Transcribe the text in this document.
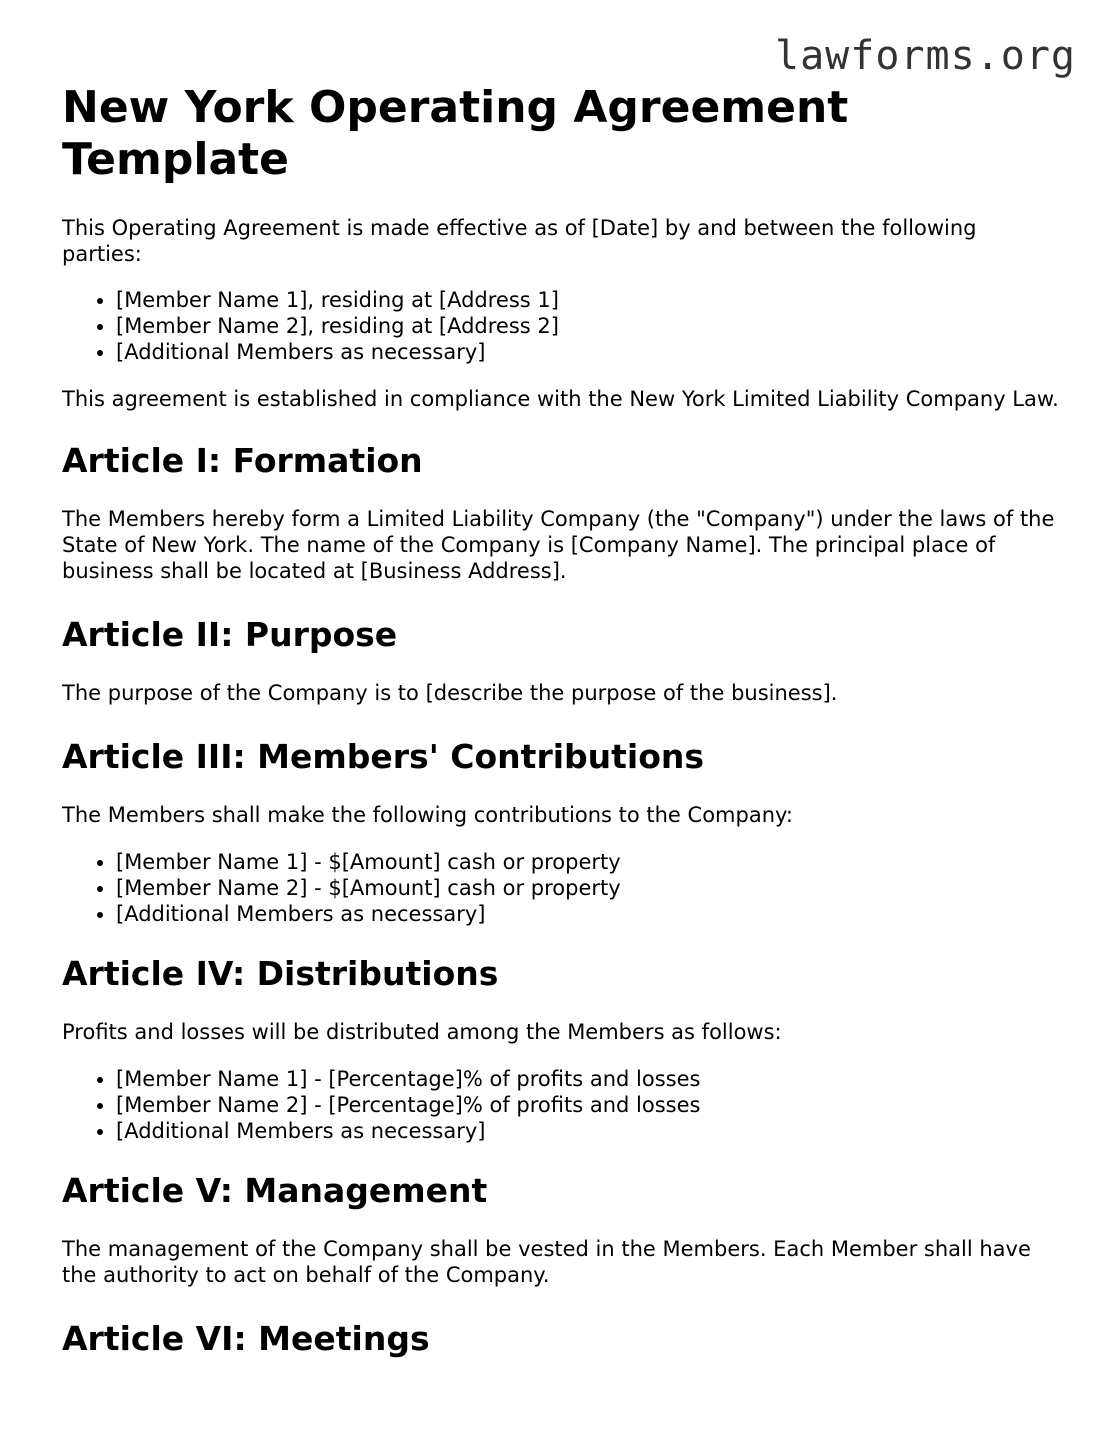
lawforms.org
New York Operating Agreement
Template

This Operating Agreement is made effective as of [Date] by and between the following parties:

• [Member Name 1], residing at [Address 1]
• [Member Name 2], residing at [Address 2]
• [Additional Members as necessary]

This agreement is established in compliance with the New York Limited Liability Company Law.

Article I: Formation

The Members hereby form a Limited Liability Company (the "Company") under the laws of the State of New York. The name of the Company is [Company Name]. The principal place of business shall be located at [Business Address].

Article II: Purpose

The purpose of the Company is to [describe the purpose of the business].

Article III: Members' Contributions

The Members shall make the following contributions to the Company:

• [Member Name 1] - $[Amount] cash or property
• [Member Name 2] - $[Amount] cash or property
• [Additional Members as necessary]
Article IV: Distributions

Profits and losses will be distributed among the Members as follows:

• [Member Name 1] - [Percentage]% of profits and losses
• [Member Name 2] - [Percentage]% of profits and losses
• [Additional Members as necessary]
Article V: Management

The management of the Company shall be vested in the Members. Each Member shall have the authority to act on behalf of the Company.

Article VI: Meetings
